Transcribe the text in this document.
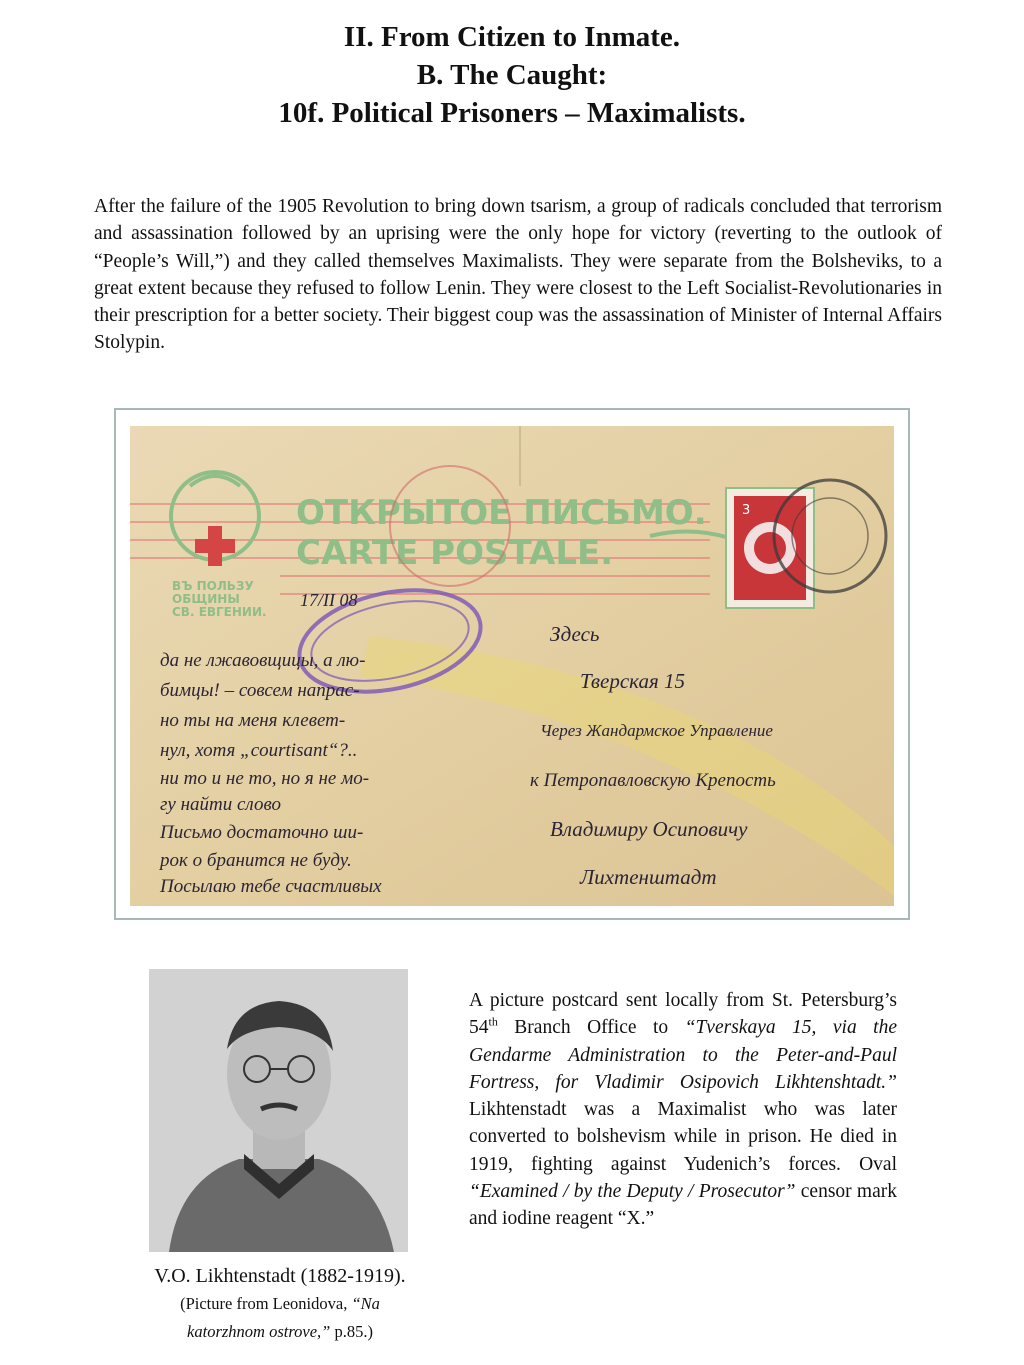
II. From Citizen to Inmate.
B. The Caught:
10f. Political Prisoners – Maximalists.

After the failure of the 1905 Revolution to bring down tsarism, a group of radicals concluded that terrorism and assassination followed by an uprising were the only hope for victory (reverting to the outlook of “People’s Will,”) and they called themselves Maximalists. They were separate from the Bolsheviks, to a great extent because they refused to follow Lenin. They were closest to the Left Socialist-Revolutionaries in their prescription for a better society. Their biggest coup was the assassination of Minister of Internal Affairs Stolypin.

ВЪ ПОЛЬЗУ
ОБЩИНЫ
СВ. ЕВГЕНИИ.
ОТКРЫТОЕ ПИСЬМО.
CARTE POSTALE.
3
17/II 08
да не лжавовщицы, а лю-
бимцы! – совсем напрас-
но ты на меня клевет-
нул, хотя „courtisant“?..
ни то и не то, но я не мо-
гу найти слово
Письмо достаточно ши-
рок о бранится не буду.
Посылаю тебе счастливых
Здесь
Тверская 15
Через Жандармское Управление
к Петропавловскую Крепость
Владимиру Осиповичу
Лихтенштадт
V.O. Likhtenstadt (1882-1919).
(Picture from Leonidova, “Na
katorzhnom ostrove,” p.85.)

A picture postcard sent locally from St. Petersburg’s 54th Branch Office to “Tverskaya 15, via the Gendarme Administration to the Peter-and-Paul Fortress, for Vladimir Osipovich Likhtenshtadt.” Likhtenstadt was a Maximalist who was later converted to bolshevism while in prison. He died in 1919, fighting against Yudenich’s forces. Oval “Examined / by the Deputy / Prosecutor” censor mark and iodine reagent “X.”
